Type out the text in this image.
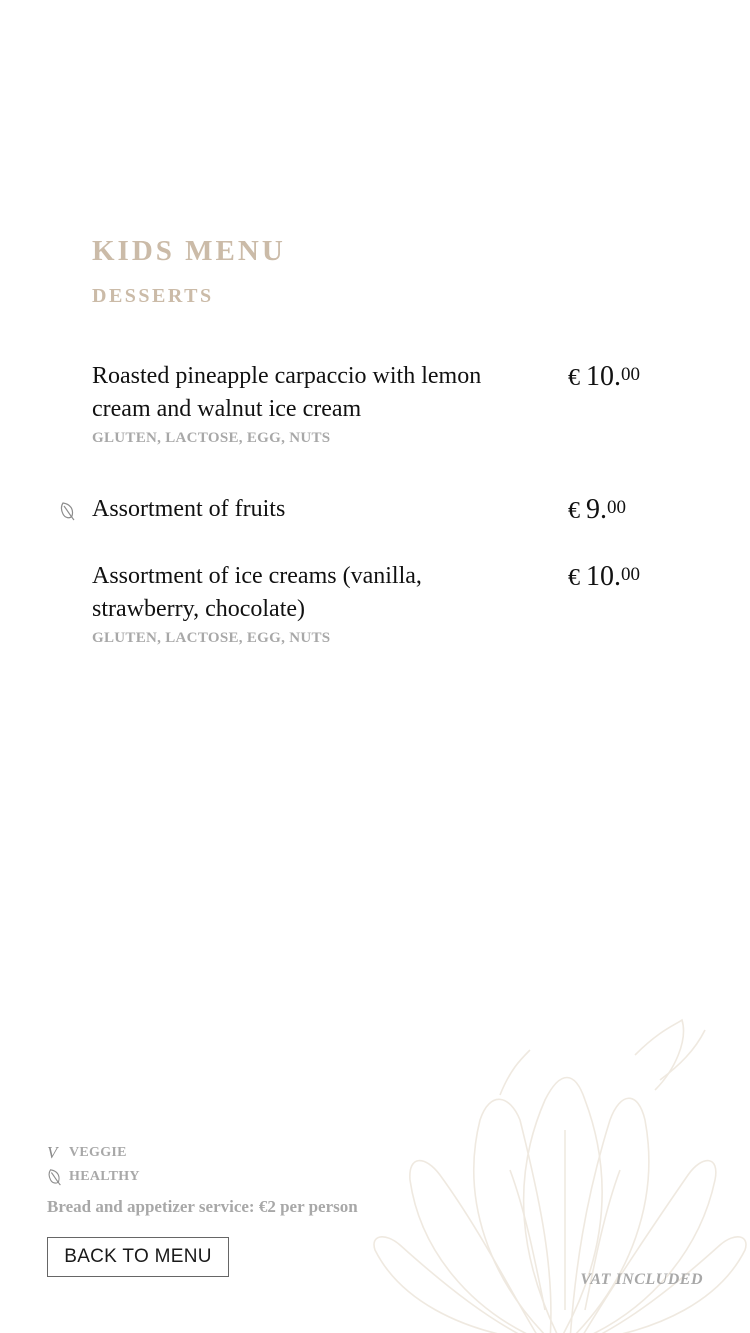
KIDS MENU
DESSERTS
Roasted pineapple carpaccio with lemon cream and walnut ice cream
GLUTEN, LACTOSE, EGG, NUTS
€ 10.00
Assortment of fruits	€ 9.00
Assortment of ice creams (vanilla, strawberry, chocolate)
GLUTEN, LACTOSE, EGG, NUTS
€ 10.00
V VEGGIE
HEALTHY
Bread and appetizer service: €2 per person
BACK TO MENU
VAT INCLUDED
